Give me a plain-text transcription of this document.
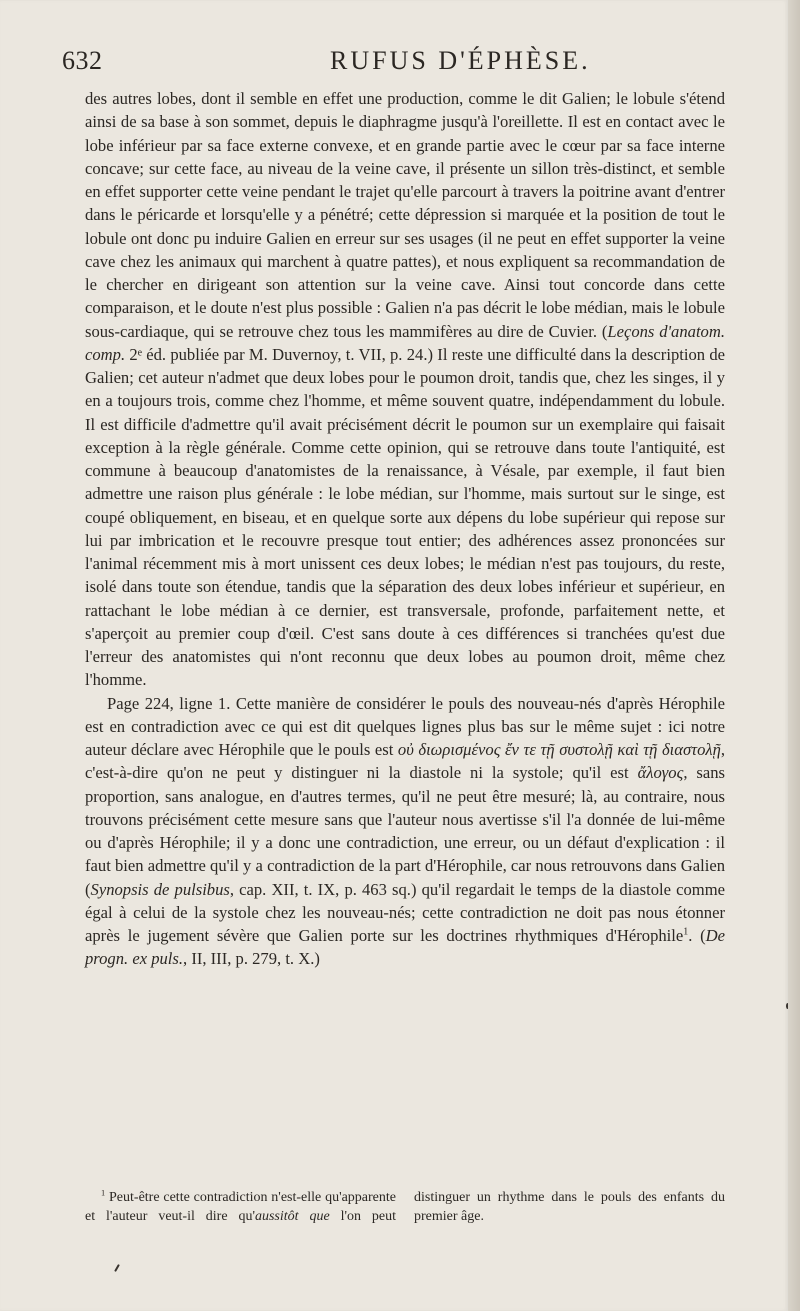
632	RUFUS D'ÉPHÈSE.

des autres lobes, dont il semble en effet une production, comme le dit Galien; le lobule s'étend ainsi de sa base à son sommet, depuis le diaphragme jusqu'à l'oreillette. Il est en contact avec le lobe inférieur par sa face externe convexe, et en grande partie avec le cœur par sa face interne concave; sur cette face, au niveau de la veine cave, il présente un sillon très-distinct, et semble en effet supporter cette veine pendant le trajet qu'elle parcourt à travers la poitrine avant d'entrer dans le péricarde et lorsqu'elle y a pénétré; cette dépression si marquée et la position de tout le lobule ont donc pu induire Galien en erreur sur ses usages (il ne peut en effet supporter la veine cave chez les animaux qui marchent à quatre pattes), et nous expliquent sa recommandation de le chercher en dirigeant son attention sur la veine cave. Ainsi tout concorde dans cette comparaison, et le doute n'est plus possible : Galien n'a pas décrit le lobe médian, mais le lobule sous-cardiaque, qui se retrouve chez tous les mammifères au dire de Cuvier. (Leçons d'anatom. comp. 2ᵉ éd. publiée par M. Duvernoy, t. VII, p. 24.) Il reste une difficulté dans la description de Galien; cet auteur n'admet que deux lobes pour le poumon droit, tandis que, chez les singes, il y en a toujours trois, comme chez l'homme, et même souvent quatre, indépendamment du lobule. Il est difficile d'admettre qu'il avait précisément décrit le poumon sur un exemplaire qui faisait exception à la règle générale. Comme cette opinion, qui se retrouve dans toute l'antiquité, est commune à beaucoup d'anatomistes de la renaissance, à Vésale, par exemple, il faut bien admettre une raison plus générale : le lobe médian, sur l'homme, mais surtout sur le singe, est coupé obliquement, en biseau, et en quelque sorte aux dépens du lobe supérieur qui repose sur lui par imbrication et le recouvre presque tout entier; des adhérences assez prononcées sur l'animal récemment mis à mort unissent ces deux lobes; le médian n'est pas toujours, du reste, isolé dans toute son étendue, tandis que la séparation des deux lobes inférieur et supérieur, en rattachant le lobe médian à ce dernier, est transversale, profonde, parfaitement nette, et s'aperçoit au premier coup d'œil. C'est sans doute à ces différences si tranchées qu'est due l'erreur des anatomistes qui n'ont reconnu que deux lobes au poumon droit, même chez l'homme.

Page 224, ligne 1. Cette manière de considérer le pouls des nouveau-nés d'après Hérophile est en contradiction avec ce qui est dit quelques lignes plus bas sur le même sujet : ici notre auteur déclare avec Hérophile que le pouls est οὐ διωρισμένος ἔν τε τῇ συστολῇ καὶ τῇ διαστολῇ, c'est-à-dire qu'on ne peut y distinguer ni la diastole ni la systole; qu'il est ἄλογος, sans proportion, sans analogue, en d'autres termes, qu'il ne peut être mesuré; là, au contraire, nous trouvons précisément cette mesure sans que l'auteur nous avertisse s'il l'a donnée de lui-même ou d'après Hérophile; il y a donc une contradiction, une erreur, ou un défaut d'explication : il faut bien admettre qu'il y a contradiction de la part d'Hérophile, car nous retrouvons dans Galien (Synopsis de pulsibus, cap. XII, t. IX, p. 463 sq.) qu'il regardait le temps de la diastole comme égal à celui de la systole chez les nouveau-nés; cette contradiction ne doit pas nous étonner après le jugement sévère que Galien porte sur les doctrines rhythmiques d'Hérophile$^1$. (De progn. ex puls., II, III, p. 279, t. X.)

$^1$ Peut-être cette contradiction n'est-elle qu'apparente et l'auteur veut-il dire qu'aussitôt que l'on peut distinguer un rhythme dans le pouls des enfants du premier âge.
